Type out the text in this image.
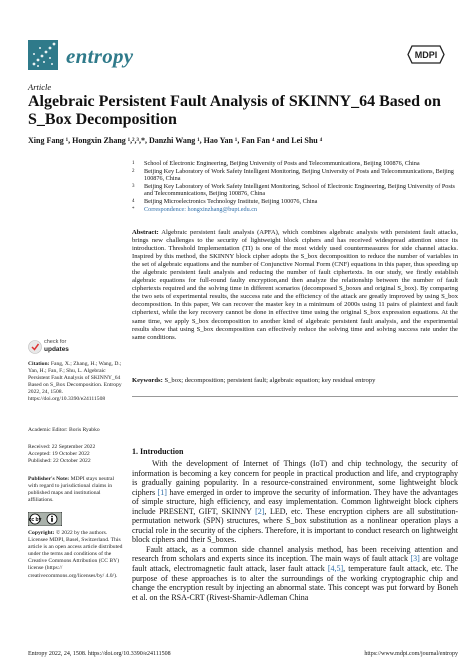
entropy	MDPI
Article
Algebraic Persistent Fault Analysis of SKINNY_64 Based on S_Box Decomposition
Xing Fang ¹, Hongxin Zhang ¹,²,³,*, Danzhi Wang ¹, Hao Yan ¹, Fan Fan ⁴ and Lei Shu ⁴
1	School of Electronic Engineering, Beijing University of Posts and Telecommunications, Beijing 100876, China
2	Beijing Key Laboratory of Work Safety Intelligent Monitoring, Beijing University of Posts and Telecommunications, Beijing 100876, China
3	Beijing Key Laboratory of Work Safety Intelligent Monitoring, School of Electronic Engineering, Beijing University of Posts and Telecommunications, Beijing 100876, China
4	Beijing Microelectronics Technology Institute, Beijing 100076, China
*	Correspondence: hongxinzhang@bupt.edu.cn
Abstract: Algebraic persistent fault analysis (APFA), which combines algebraic analysis with persistent fault attacks, brings new challenges to the security of lightweight block ciphers and has received widespread attention since its introduction. Threshold Implementation (TI) is one of the most widely used countermeasures for side channel attacks. Inspired by this method, the SKINNY block cipher adopts the S_box decomposition to reduce the number of variables in the set of algebraic equations and the number of Conjunctive Normal Form (CNF) equations in this paper, thus speeding up the algebraic persistent fault analysis and reducing the number of fault ciphertexts. In our study, we firstly establish algebraic equations for full-round faulty encryption,and then analyze the relationship between the number of fault ciphertexts required and the solving time in different scenarios (decomposed S_boxes and original S_box). By comparing the two sets of experimental results, the success rate and the efficiency of the attack are greatly improved by using S_box decomposition. In this paper, We can recover the master key in a minimum of 2000s using 11 pairs of plaintext and fault ciphertext, while the key recovery cannot be done in effective time using the original S_box expression equations. At the same time, we apply S_box decomposition to another kind of algebraic persistent fault analysis, and the experimental results show that using S_box decomposition can effectively reduce the solving time and solving success rate under the same conditions.
Keywords: S_box; decomposition; persistent fault; algebraic equation; key residual entropy
check for
updates
Citation: Fang, X.; Zhang, H.; Wang, D.; Yan, H.; Fan, F.; Shu, L. Algebraic Persistent Fault Analysis of SKINNY_64 Based on S_Box Decomposition. Entropy 2022, 24, 1508. https://doi.org/10.3390/e24111508
Academic Editor: Boris Ryabko
Received: 22 September 2022
Accepted: 19 October 2022
Published: 22 October 2022
Publisher's Note: MDPI stays neutral with regard to jurisdictional claims in published maps and institutional affiliations.
cc by
Copyright: © 2022 by the authors. Licensee MDPI, Basel, Switzerland. This article is an open access article distributed under the terms and conditions of the Creative Commons Attribution (CC BY) license (https:// creativecommons.org/licenses/by/ 4.0/).
1. Introduction

With the development of Internet of Things (IoT) and chip technology, the security of information is becoming a key concern for people in practical production and life, and cryptography is gradually gaining popularity. In a resource-constrained environment, some lightweight block ciphers [1] have emerged in order to improve the security of information. They have the advantages of simple structure, high efficiency, and easy implementation. Common lightweight block ciphers include PRESENT, GIFT, SKINNY [2], LED, etc. These encryption ciphers are all substitution-permutation network (SPN) structures, where S_box substitution as a nonlinear operation plays a crucial role in the security of the ciphers. Therefore, it is important to conduct research on lightweight block ciphers and their S_boxes.

Fault attack, as a common side channel analysis method, has been receiving attention and research from scholars and experts since its inception. The main ways of fault attack [3] are voltage fault attack, electromagnetic fault attack, laser fault attack [4,5], temperature fault attack, etc. The purpose of these approaches is to alter the surroundings of the working cryptographic chip and change the encryption result by injecting an abnormal state. This concept was put forward by Boneh et al. on the RSA-CRT (Rivest-Shamir-Adleman China

Entropy 2022, 24, 1508. https://doi.org/10.3390/e24111508	https://www.mdpi.com/journal/entropy
